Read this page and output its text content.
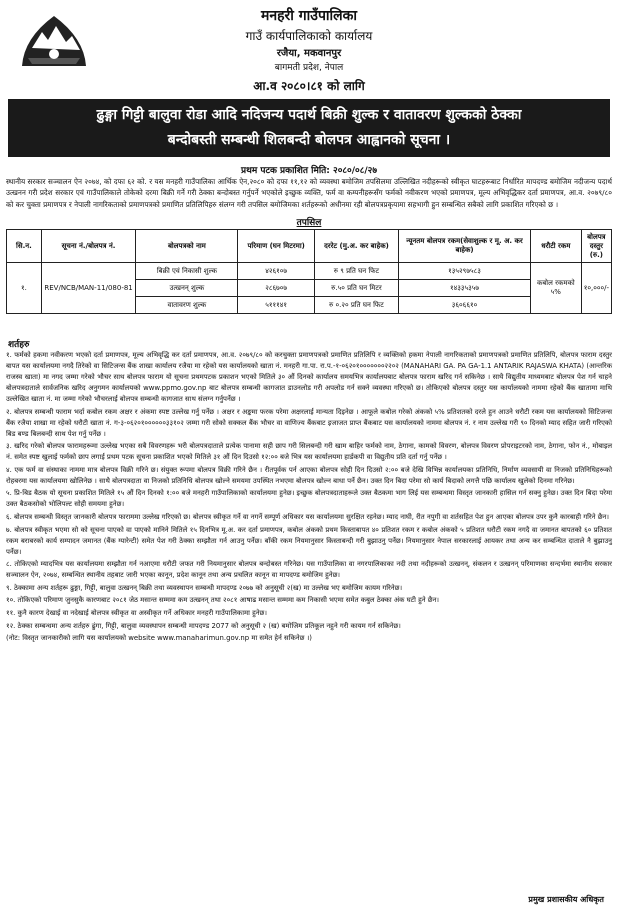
मनहरी गाउँपालिका
गाउँ कार्यपालिकाको कार्यालय
रजैया, मकवानपुर
बागमती प्रदेश, नेपाल
आ.व २०८०।८१ को लागि
ढुङ्गा गिट्टी बालुवा रोडा आदि नदिजन्य पदार्थ बिक्री शुल्क र वातावरण शुल्कको ठेक्का
बन्दोबस्ती सम्बन्धी शिलबन्दी बोलपत्र आह्वानको सूचना ।
प्रथम पटक प्रकाशित मिति: २०८०/०८/२७
स्थानीय सरकार सञ्चालन ऐन २०७४, को दफा ६२ को. र यस मनहरी गाउँपालिका आर्थिक ऐन,२०८० को दफा ११,१२ को व्यवस्था बमोजिम तपसिलमा उल्लिखित नदीहरूको स्वीकृत घाटहरूबाट निर्धारित मापदण्ड बमोजिम नदीजन्य पदार्थ उत्खनन गरी प्रदेश सरकार एवं गाउँपालिकाले तोकेको दरमा बिक्री गर्ने गरी ठेक्का बन्दोबस्त गर्नुपर्ने भएकोले इच्छुक व्यक्ति, फर्म वा कम्पनीहरूसँग फर्मको नवीकरण भएको प्रमाणपत्र, मूल्य अभिवृद्धिकर दर्ता प्रमाणपत्र, आ.व. २०७९/८० को कर चुक्ता प्रमाणपत्र र नेपाली नागरिकताको प्रमाणपत्रको प्रमाणित प्रतिलिपिहरु संलग्न गरी तपसिल बमोजिमका शर्तहरूको अधीनमा रही बोलपत्रप्रकृयामा सहभागी हुन सम्बन्धित सबैको लागि प्रकाशित गरिएको छ ।
तपसिल
सि.न.	सूचना नं./बोलपत्र नं.	बोलपत्रको नाम	परिमाण (घन मिटरमा)	दररेट (मु.अ. कर बाहेक)	न्यूनतम बोलपत्र रकम(सेवाशुल्क र मू. अ. कर बाहेक)	धरौटी रकम	बोलपत्र दस्तुर (रु.)
१.	REV/NCB/MAN-11/080-81	बिक्री एवं निकासी शुल्क	४२६१०७	रु ९ प्रति घन फिट	१३५२९७५८३	कबोल रकमको ५%	१०,०००/-
		उत्खनन् शुल्क	२८६७०७	रु.५० प्रति घन मिटर	१४३३५३५७		
		वातावरण शुल्क	५१११४१	रु ०.२० प्रति घन फिट	३६०६६१०		
शर्तहरु

१. फर्मको हकमा नवीकरण भएको दर्ता प्रमाणपत्र, मूल्य अभिवृद्धि कर दर्ता प्रमाणपत्र, आ.व. २०७९/८० को करचुक्ता प्रमाणपत्रको प्रमाणित प्रतिलिपि र व्यक्तिको हकमा नेपाली नागरिकताको प्रमाणपत्रको प्रमाणित प्रतिलिपि, बोलपत्र फाराम दस्तुर बापत यस कार्यालयमा नगदै तिरेको वा सिटिजन्स बैंक शाखा कार्यालय रजैया मा रहेको यस कार्यालयको खाता नं. मनहरी गा.पा. रा.प.-१-०६२०१०००००००२२०२ (MANAHARI GA. PA GA-1.1 ANTARIK RAJASWA KHATA) (आन्तरिक राजस्व खाता) मा नगद जम्मा गरेको भौचर साथ बोलपत्र फाराम यो सूचना प्रथमपटक प्रकाशन भएको मितिले ३० औं दिनको कार्यालय समयभित्र कार्यालयबाट बोलपत्र फाराम खरिद गर्न सकिनेछ । साथै विद्युतीय माध्यमबाट बोलपत्र पेश गर्न चाहने बोलपत्रदाताले सार्वजनिक खरिद अनुगमन कार्यालयको www.ppmo.gov.np बाट बोलपत्र सम्बन्धी कागजात डाउनलोड गरी अपलोड गर्न सक्ने व्यवस्था गरिएको छ। तोकिएको बोलपत्र दस्तुर यस कार्यालयको नाममा रहेको बैंक खातामा माथि उल्लेखित खाता नं. मा जम्मा गरेको भौचरलाई बोलपत्र सम्बन्धी कागजात साथ संलग्न गर्नुपर्नेछ ।

२. बोलपत्र सम्बन्धी फाराम भर्दा कबोल रकम अक्षर र अंकमा स्पष्ट उल्लेख गर्नु पर्नेछ । अक्षर र अङ्कमा फरक परेमा अक्षरलाई मान्यता दिइनेछ । आफूले कबोल गरेको अंकको ५% प्रतिशतको दरले हुन आउने धरौटी रकम यस कार्यालयको सिटिजन्स बैंक रजैया शाखा मा रहेको धरौटी खाता नं. ग-३-०६२०१००००००३३१०२ जम्मा गरी सोको सक्कल बैंक भौचर वा वाणिज्य बैंकबाट इजाजत प्राप्त बैंकबाट यस कार्यालयको नाममा बोलपत्र नं. र नाम उल्लेख गरी ९० दिनको म्याद सहित जारी गरिएको बिड बण्ड बिलबन्दी साथ पेश गर्नु पर्नेछ ।

३. खरिद गरेको बोलपत्र फारामहरूमा उल्लेख भएका सबै विवरणहरू भरी बोलपत्रदाताले प्रत्येक पानामा सही छाप गरी सिलबन्दी गरी खाम बाहिर फर्मको नाम, ठेगाना, कामको विवरण, बोलपत्र विवरण प्रोपराइटरको नाम, ठेगाना, फोन नं., मोबाइल नं. समेत स्पष्ट खुलाई फर्मको छाप लगाई प्रथम पटक सूचना प्रकाशित भएको मितिले ३१ औं दिन दिउसो १२:०० बजे भित्र यस कार्यालयमा हार्डकपी वा विद्युतीय प्रति दर्ता गर्नु पर्नेछ ।

४. एक फर्म वा संस्थाका नाममा मात्र बोलपत्र विक्री गरिने छ। संयुक्त रूपमा बोलपत्र विक्री गरिने छैन । रीतपूर्वक पर्न आएका बोलपत्र सोही दिन दिउसो २:०० बजे देखि विभिन्न कार्यालयका प्रतिनिधि, निर्माण व्यवसायी वा निजको प्रतिनिधिहरूको रोहबरमा यस कार्यालयमा खोलिनेछ । साथै बोलपत्रदाता वा निजको प्रतिनिधि बोलपत्र खोल्ने समयमा उपस्थित नभएमा बोलपत्र खोल्न बाधा पर्ने छैन। उक्त दिन बिदा परेमा सो कार्य बिदाको लगत्तै पछि कार्यालय खुलेको दिनमा गरिनेछ।

५. प्रि-बिड बैठक यो सूचना प्रकाशित मितिले १५ औं दिन दिनको १:०० बजे मनहरी गाउँपालिकाको कार्यालयमा हुनेछ। इच्छुक बोलपत्रदाताहरूले उक्त बैठकमा भाग लिई यस सम्बन्धमा विस्तृत जानकारी हासिल गर्न सक्नु हुनेछ। उक्त दिन बिदा परेमा उक्त बैठकसोको भोलिपल्ट सोही समयमा हुनेछ।

६. बोलपत्र सम्बन्धी विस्तृत जानकारी बोलपत्र फाराममा उल्लेख गरिएको छ। बोलपत्र स्वीकृत गर्ने वा नगर्ने सम्पूर्ण अधिकार यस कार्यालयमा सुरक्षित रहनेछ। म्याद नाघी, रीत नपुगी वा शर्तसहित पेश हुन आएका बोलपत्र उपर कुनै कारबाही गरिने छैन।

७. बोलपत्र स्वीकृत भएमा सो को सूचना पाएको वा पाएको मानिने मितिले १५ दिनभित्र मू.अ. कर दर्ता प्रमाणपत्र, कबोल अंकको प्रथम किस्ताबापत ४० प्रतिशत रकम र कबोल अंकको ५ प्रतिशत धरौटी रकम नगदै वा जमानत बापतको ६० प्रतिशत रकम बराबरको कार्य सम्पादन जमानत (बैंक ग्यारेन्टी) समेत पेश गरी ठेक्का सम्झौता गर्न आउनु पर्नेछ। बाँकी रकम नियमानुसार किस्ताबन्दी गरी बुझाउनु पर्नेछ। नियमानुसार नेपाल सरकारलाई आयकर तथा अन्य कर सम्बन्धित दाताले नै बुझाउनु पर्नेछ।

८. तोकिएको म्यादभित्र यस कार्यालयमा सम्झौता गर्न नआएमा धरौटी जफत गरी नियमानुसार बोलपत्र बन्दोबस्त गरिनेछ। यस गाउँपालिका वा नगरपालिकाका नदी तथा नदीहरूको उत्खनन्, संकलन र उत्खनन् परिमाणका सन्दर्भमा स्थानीय सरकार सञ्चालन ऐन, २०७४, सम्बन्धित स्थानीय तहबाट जारी भएका कानून, प्रदेश कानून तथा अन्य प्रचलित कानून वा मापदण्ड बमोजिम हुनेछ।

९. ठेक्कामा अन्य शर्तहरू ढुङ्गा, गिट्टी, बालुवा उत्खनन् बिक्री तथा व्यवस्थापन सम्बन्धी मापदण्ड २०७७ को अनुसूची २(ख) मा उल्लेख भए बमोजिम कायम गरिनेछ।

१०. तोकिएको परिमाण जुनसुकै कारणबाट २०८१ जेठ मसान्त सम्ममा कम उत्खनन् तथा २०८१ आषाढ मसान्त सम्ममा कम निकासी भएमा समेत कबुल ठेक्का अंक घटी हुने छैन।

११. कुनै कारण देखाई वा नदेखाई बोलपत्र स्वीकृत वा अस्वीकृत गर्ने अधिकार मनहरी गाउँपालिकामा हुनेछ।

१२. ठेक्का सम्बन्धमा अन्य शर्तहरु ढुंगा, गिट्टी, बालुवा व्यवस्थापन सम्बन्धी मापदण्ड 2077 को अनुसूची २ (ख) बमोजिम प्रतिकूल नहुने गरी कायम गर्न सकिनेछ।

(नोट: विस्तृत जानकारीको लागि यस कार्यालयको website www.manaharimun.gov.np मा समेत हेर्न सकिनेछ ।)

प्रमुख प्रशासकीय अधिकृत
